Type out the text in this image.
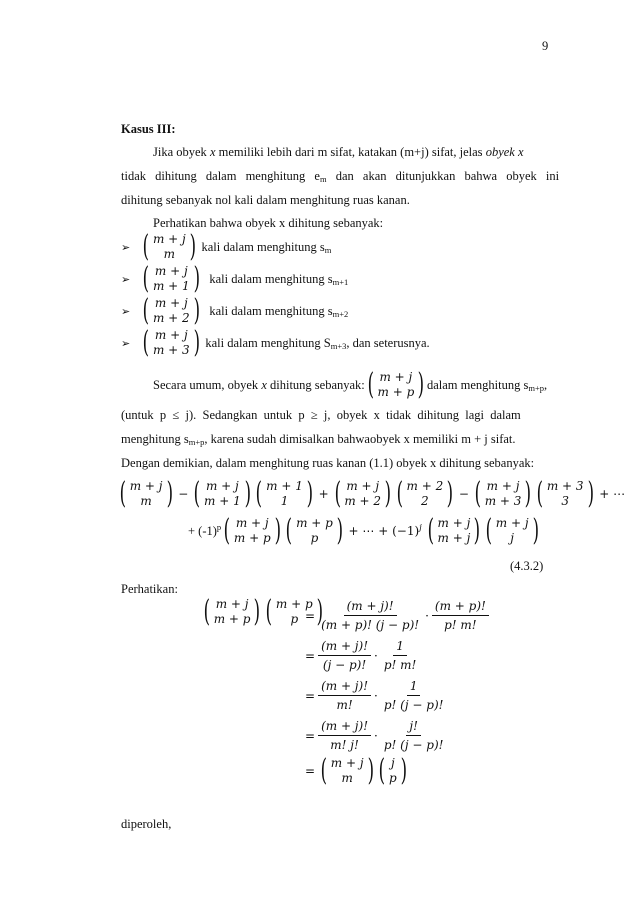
9
Kasus III:
Jika obyek x memiliki lebih dari m sifat, katakan (m+j) sifat, jelas obyek x
tidak dihitung dalam menghitung $e_m$ dan akan ditunjukkan bahwa obyek ini
dihitung sebanyak nol kali dalam menghitung ruas kanan.
Perhatikan bahwa obyek x dihitung sebanyak:
➢ ( m + j
m ) kali dalam menghitung $s_m$
➢ ( m + j
m + 1 ) kali dalam menghitung $s_{m+1}$
➢ ( m + j
m + 2 ) kali dalam menghitung $s_{m+2}$
➢ ( m + j
m + 3 ) kali dalam menghitung $S_{m+3}$, dan seterusnya.
Secara umum, obyek x dihitung sebanyak: ( m + j
m + p ) dalam menghitung $s_{m+p}$,
(untuk  p  ≤  j).  Sedangkan  untuk  p  ≥  j,  obyek  x  tidak  dihitung  lagi  dalam
menghitung $s_{m+p}$, karena sudah dimisalkan bahwaobyek x memiliki m + j sifat.
Dengan demikian, dalam menghitung ruas kanan (1.1) obyek x dihitung sebanyak:
( m + j
m ) − ( m + j
m + 1 ) ( m + 1
1 ) + ( m + j
m + 2 ) ( m + 2
2 ) − ( m + j
m + 3 ) ( m + 3
3 ) + ⋯
+ $(-1)^p$ ( m + j
m + p ) ( m + p
p ) + ⋯ + $(-1)^j$ ( m + j
m + j ) ( m + j
j )
(4.3.2)
Perhatikan:
( m + j
m + p ) ( m + p
p )
= $\frac{(m + j)!}{(m + p)! (j - p)!} \cdot \frac{(m + p)!}{p! m!}$
= $\frac{(m + j)!}{(j - p)!} \cdot \frac{1}{p! m!}$
= $\frac{(m + j)!}{m!} \cdot \frac{1}{p! (j - p)!}$
= $\frac{(m + j)!}{m! j!} \cdot \frac{j!}{p! (j - p)!}$
= ( m + j
m ) ( j
p )
diperoleh,
